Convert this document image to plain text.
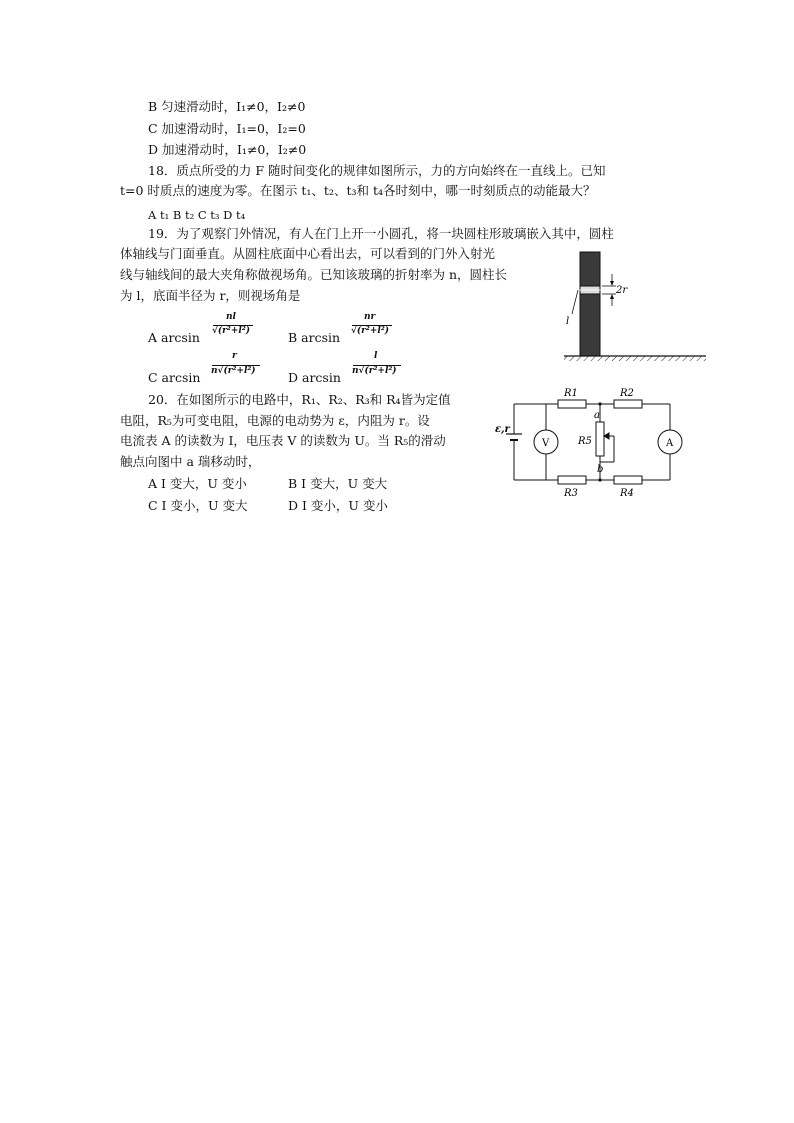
B 匀速滑动时，I₁≠0，I₂≠0
C 加速滑动时，I₁=0，I₂=0
D 加速滑动时，I₁≠0，I₂≠0
18．质点所受的力 F 随时间变化的规律如图所示，力的方向始终在一直线上。已知
t=0 时质点的速度为零。在图示 t₁、t₂、t₃和 t₄各时刻中，哪一时刻质点的动能最大？
A t₁ B t₂ C t₃ D t₄
19．为了观察门外情况，有人在门上开一小圆孔，将一块圆柱形玻璃嵌入其中，圆柱
体轴线与门面垂直。从圆柱底面中心看出去，可以看到的门外入射光
线与轴线间的最大夹角称做视场角。已知该玻璃的折射率为 n，圆柱长
为 l，底面半径为 r，则视场角是
A arcsin
nl
√(r²+l²)	B arcsin
nr
√(r²+l²)
C arcsin
r
n√(r²+l²)	D arcsin
l
n√(r²+l²)
2r
l
20．在如图所示的电路中，R₁、R₂、R₃和 R₄皆为定值
电阻，R₅为可变电阻，电源的电动势为 ε，内阻为 r。设
电流表 A 的读数为 I，电压表 V 的读数为 U。当 R₅的滑动
触点向图中 a 瑞移动时，
A I 变大，U 变小	B I 变大，U 变大
C I 变小，U 变大	D I 变小，U 变小
ε,r
V	A
R1	R2
R3	R4
R5
a
b
